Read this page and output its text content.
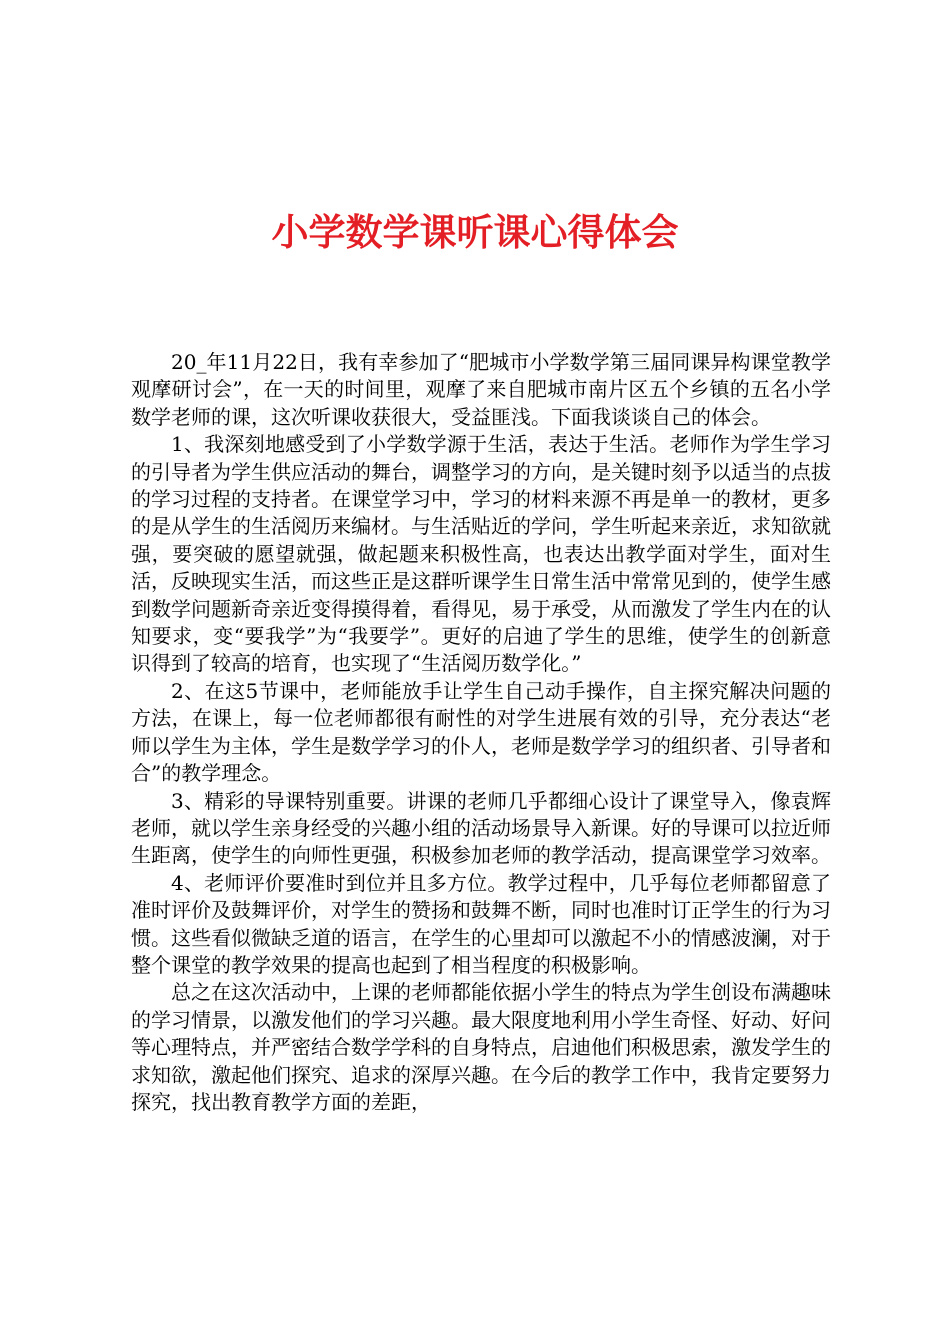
小学数学课听课心得体会

20_年11月22日，我有幸参加了“肥城市小学数学第三届同课异构课堂教学观摩研讨会”，在一天的时间里，观摩了来自肥城市南片区五个乡镇的五名小学数学老师的课，这次听课收获很大，受益匪浅。下面我谈谈自己的体会。

1、我深刻地感受到了小学数学源于生活，表达于生活。老师作为学生学习的引导者为学生供应活动的舞台，调整学习的方向，是关键时刻予以适当的点拔的学习过程的支持者。在课堂学习中，学习的材料来源不再是单一的教材，更多的是从学生的生活阅历来编材。与生活贴近的学问，学生听起来亲近，求知欲就强，要突破的愿望就强，做起题来积极性高，也表达出教学面对学生，面对生活，反映现实生活，而这些正是这群听课学生日常生活中常常见到的，使学生感到数学问题新奇亲近变得摸得着，看得见，易于承受，从而激发了学生内在的认知要求，变“要我学”为“我要学”。更好的启迪了学生的思维，使学生的创新意识得到了较高的培育，也实现了“生活阅历数学化。”

2、在这5节课中，老师能放手让学生自己动手操作，自主探究解决问题的方法，在课上，每一位老师都很有耐性的对学生进展有效的引导，充分表达“老师以学生为主体，学生是数学学习的仆人，老师是数学学习的组织者、引导者和合”的教学理念。

3、精彩的导课特别重要。讲课的老师几乎都细心设计了课堂导入，像袁辉老师，就以学生亲身经受的兴趣小组的活动场景导入新课。好的导课可以拉近师生距离，使学生的向师性更强，积极参加老师的教学活动，提高课堂学习效率。

4、老师评价要准时到位并且多方位。教学过程中，几乎每位老师都留意了准时评价及鼓舞评价，对学生的赞扬和鼓舞不断，同时也准时订正学生的行为习惯。这些看似微缺乏道的语言，在学生的心里却可以激起不小的情感波澜，对于整个课堂的教学效果的提高也起到了相当程度的积极影响。

总之在这次活动中，上课的老师都能依据小学生的特点为学生创设布满趣味的学习情景，以激发他们的学习兴趣。最大限度地利用小学生奇怪、好动、好问等心理特点，并严密结合数学学科的自身特点，启迪他们积极思索，激发学生的求知欲，激起他们探究、追求的深厚兴趣。在今后的教学工作中，我肯定要努力探究，找出教育教学方面的差距，
